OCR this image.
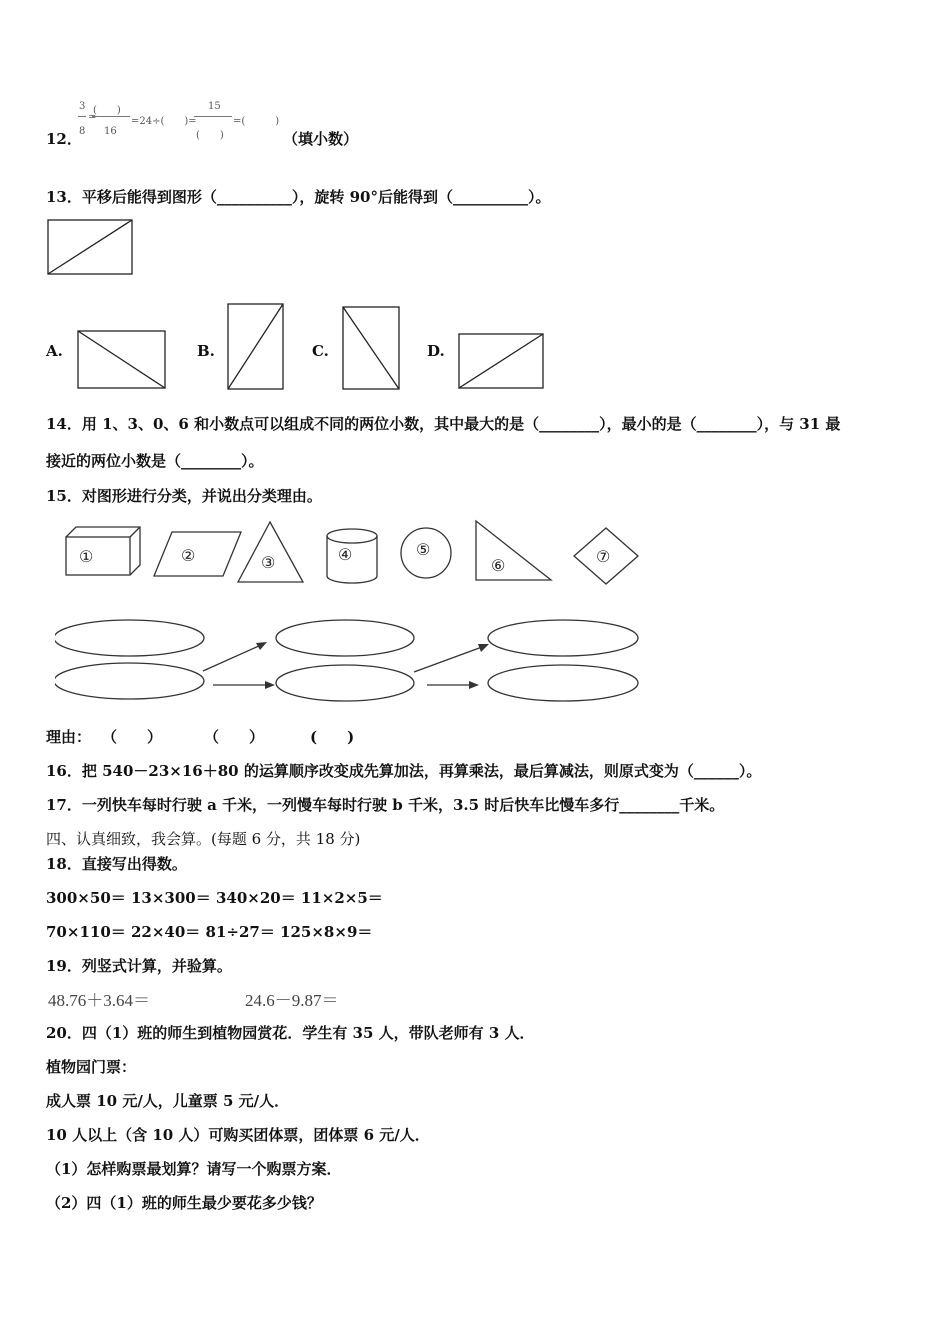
12．
3
8
=
(　　)
16
=24÷(　　)=
15
(　　)
=(　　　)
（填小数）
13．平移后能得到图形（__________），旋转 90°后能得到（__________）。
A.	B.	C.	D.
14．用 1、3、0、6 和小数点可以组成不同的两位小数，其中最大的是（________），最小的是（________），与 31 最
接近的两位小数是（________）。
15．对图形进行分类，并说出分类理由。
①	②	③	④	⑤
⑥
⑦
理由： （　　）	（　　）	(　　)
16．把 540－23×16＋80 的运算顺序改变成先算加法，再算乘法，最后算减法，则原式变为（______）。
17．一列快车每时行驶 a 千米，一列慢车每时行驶 b 千米，3.5 时后快车比慢车多行________千米。
四、认真细致，我会算。(每题 6 分，共 18 分)
18．直接写出得数。
300×50＝ 13×300＝ 340×20＝ 11×2×5＝
70×110＝ 22×40＝ 81÷27＝ 125×8×9＝
19．列竖式计算，并验算。
48.76＋3.64＝	24.6－9.87＝
20．四（1）班的师生到植物园赏花．学生有 35 人，带队老师有 3 人．
植物园门票：
成人票 10 元/人，儿童票 5 元/人．
10 人以上（含 10 人）可购买团体票，团体票 6 元/人．
（1）怎样购票最划算？请写一个购票方案．
（2）四（1）班的师生最少要花多少钱？
